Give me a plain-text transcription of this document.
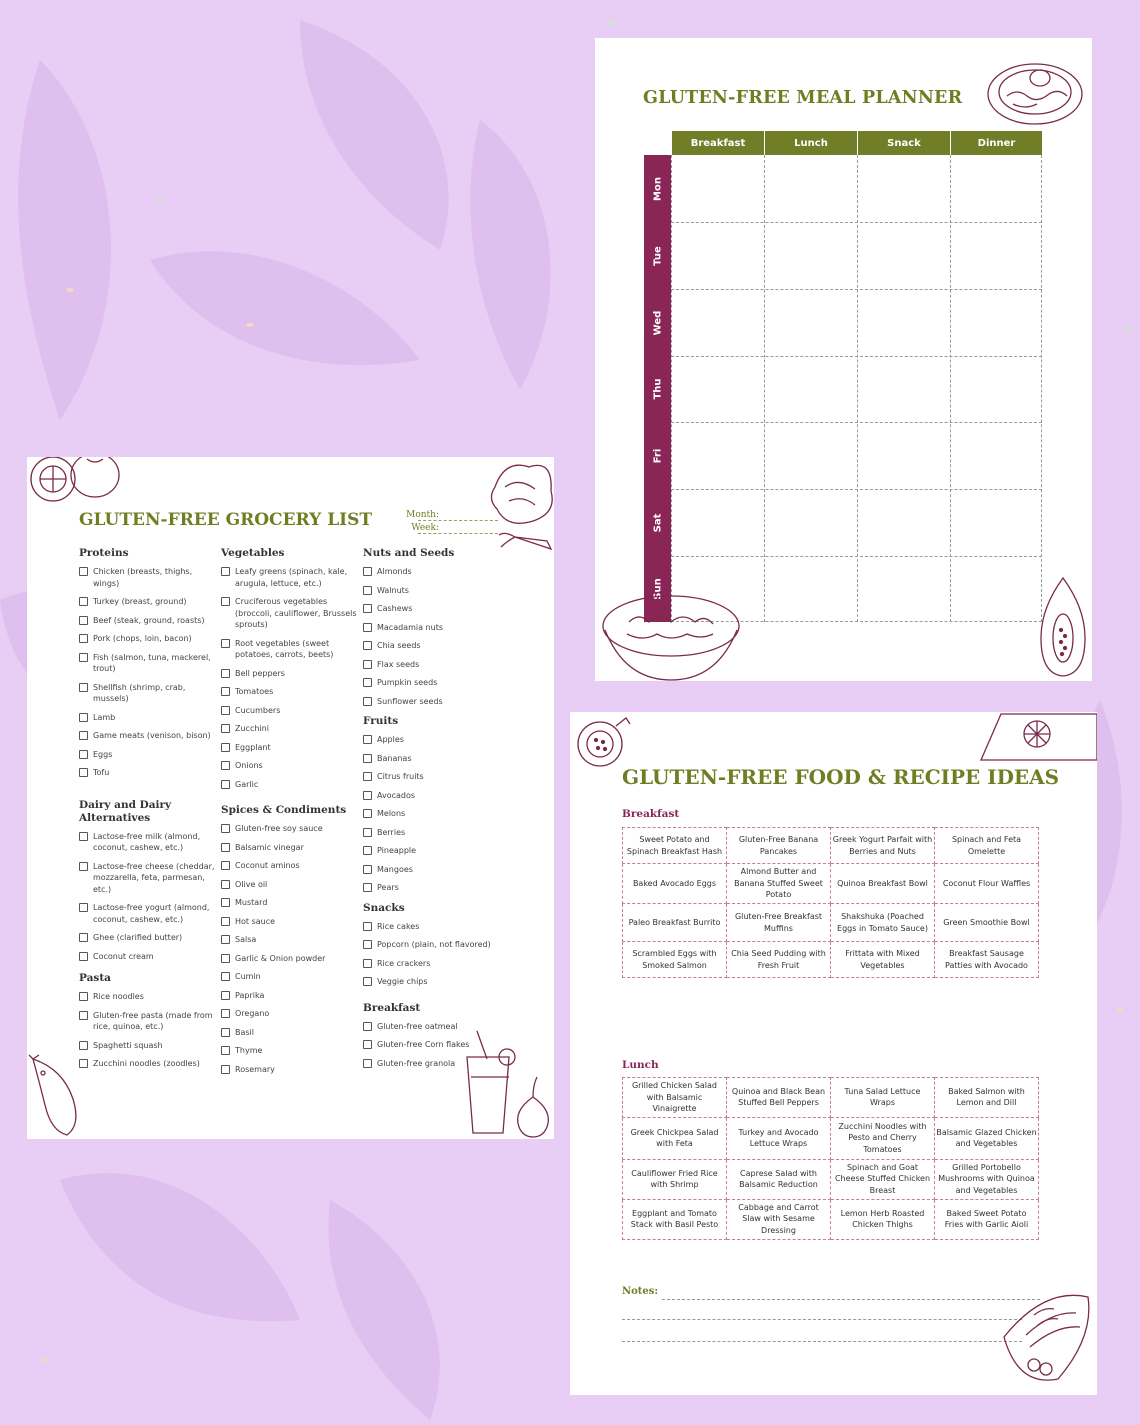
GLUTEN-FREE MEAL PLANNER
Breakfast	Lunch	Snack	Dinner
Mon
Tue
Wed
Thu
Fri
Sat
Sun
GLUTEN-FREE GROCERY LIST	Month:
Week:
Proteins
Chicken (breasts, thighs, wings)
Turkey (breast, ground)
Beef (steak, ground, roasts)
Pork (chops, loin, bacon)
Fish (salmon, tuna, mackerel, trout)
Shellfish (shrimp, crab, mussels)
Lamb
Game meats (venison, bison)
Eggs
Tofu
Dairy and Dairy Alternatives
Lactose-free milk (almond, coconut, cashew, etc.)
Lactose-free cheese (cheddar, mozzarella, feta, parmesan, etc.)
Lactose-free yogurt (almond, coconut, cashew, etc.)
Ghee (clarified butter)
Coconut cream
Pasta
Rice noodles
Gluten-free pasta (made from rice, quinoa, etc.)
Spaghetti squash
Zucchini noodles (zoodles)
Vegetables
Leafy greens (spinach, kale, arugula, lettuce, etc.)
Cruciferous vegetables (broccoli, cauliflower, Brussels sprouts)
Root vegetables (sweet potatoes, carrots, beets)
Bell peppers
Tomatoes
Cucumbers
Zucchini
Eggplant
Onions
Garlic
Spices & Condiments
Gluten-free soy sauce
Balsamic vinegar
Coconut aminos
Olive oil
Mustard
Hot sauce
Salsa
Garlic & Onion powder
Cumin
Paprika
Oregano
Basil
Thyme
Rosemary
Nuts and Seeds
Almonds
Walnuts
Cashews
Macadamia nuts
Chia seeds
Flax seeds
Pumpkin seeds
Sunflower seeds
Fruits
Apples
Bananas
Citrus fruits
Avocados
Melons
Berries
Pineapple
Mangoes
Pears
Snacks
Rice cakes
Popcorn (plain, not flavored)
Rice crackers
Veggie chips
Breakfast
Gluten-free oatmeal
Gluten-free Corn flakes
Gluten-free granola
GLUTEN-FREE FOOD & RECIPE IDEAS
Breakfast
Sweet Potato and Spinach Breakfast Hash	Gluten-Free Banana Pancakes	Greek Yogurt Parfait with Berries and Nuts	Spinach and Feta Omelette
Baked Avocado Eggs	Almond Butter and Banana Stuffed Sweet Potato	Quinoa Breakfast Bowl	Coconut Flour Waffles
Paleo Breakfast Burrito	Gluten-Free Breakfast Muffins	Shakshuka (Poached Eggs in Tomato Sauce)	Green Smoothie Bowl
Scrambled Eggs with Smoked Salmon	Chia Seed Pudding with Fresh Fruit	Frittata with Mixed Vegetables	Breakfast Sausage Patties with Avocado
Lunch
Grilled Chicken Salad with Balsamic Vinaigrette	Quinoa and Black Bean Stuffed Bell Peppers	Tuna Salad Lettuce Wraps	Baked Salmon with Lemon and Dill
Greek Chickpea Salad with Feta	Turkey and Avocado Lettuce Wraps	Zucchini Noodles with Pesto and Cherry Tomatoes	Balsamic Glazed Chicken and Vegetables
Cauliflower Fried Rice with Shrimp	Caprese Salad with Balsamic Reduction	Spinach and Goat Cheese Stuffed Chicken Breast	Grilled Portobello Mushrooms with Quinoa and Vegetables
Eggplant and Tomato Stack with Basil Pesto	Cabbage and Carrot Slaw with Sesame Dressing	Lemon Herb Roasted Chicken Thighs	Baked Sweet Potato Fries with Garlic Aioli
Notes:
